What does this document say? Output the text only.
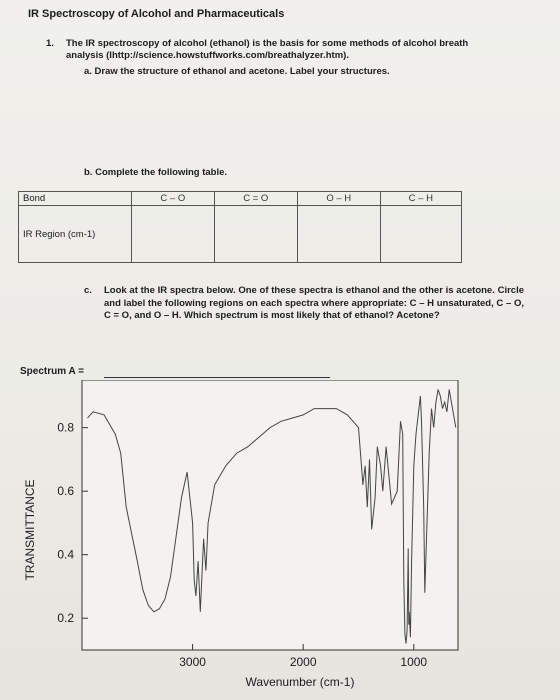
IR Spectroscopy of Alcohol and Pharmaceuticals
1. The IR spectroscopy of alcohol (ethanol) is the basis for some methods of alcohol breath analysis (Ihttp://science.howstuffworks.com/breathalyzer.htm).
a. Draw the structure of ethanol and acetone. Label your structures.
b. Complete the following table.
Bond	C – O	C = O	O – H	C – H
IR Region (cm-1)				
c. Look at the IR spectra below. One of these spectra is ethanol and the other is acetone. Circle and label the following regions on each spectra where appropriate: C – H unsaturated, C – O, C = O, and O – H. Which spectrum is most likely that of ethanol? Acetone?
Spectrum A =
0.8
0.6
0.4
0.2
3000	2000	1000
TRANSMITTANCE
Wavenumber (cm-1)
